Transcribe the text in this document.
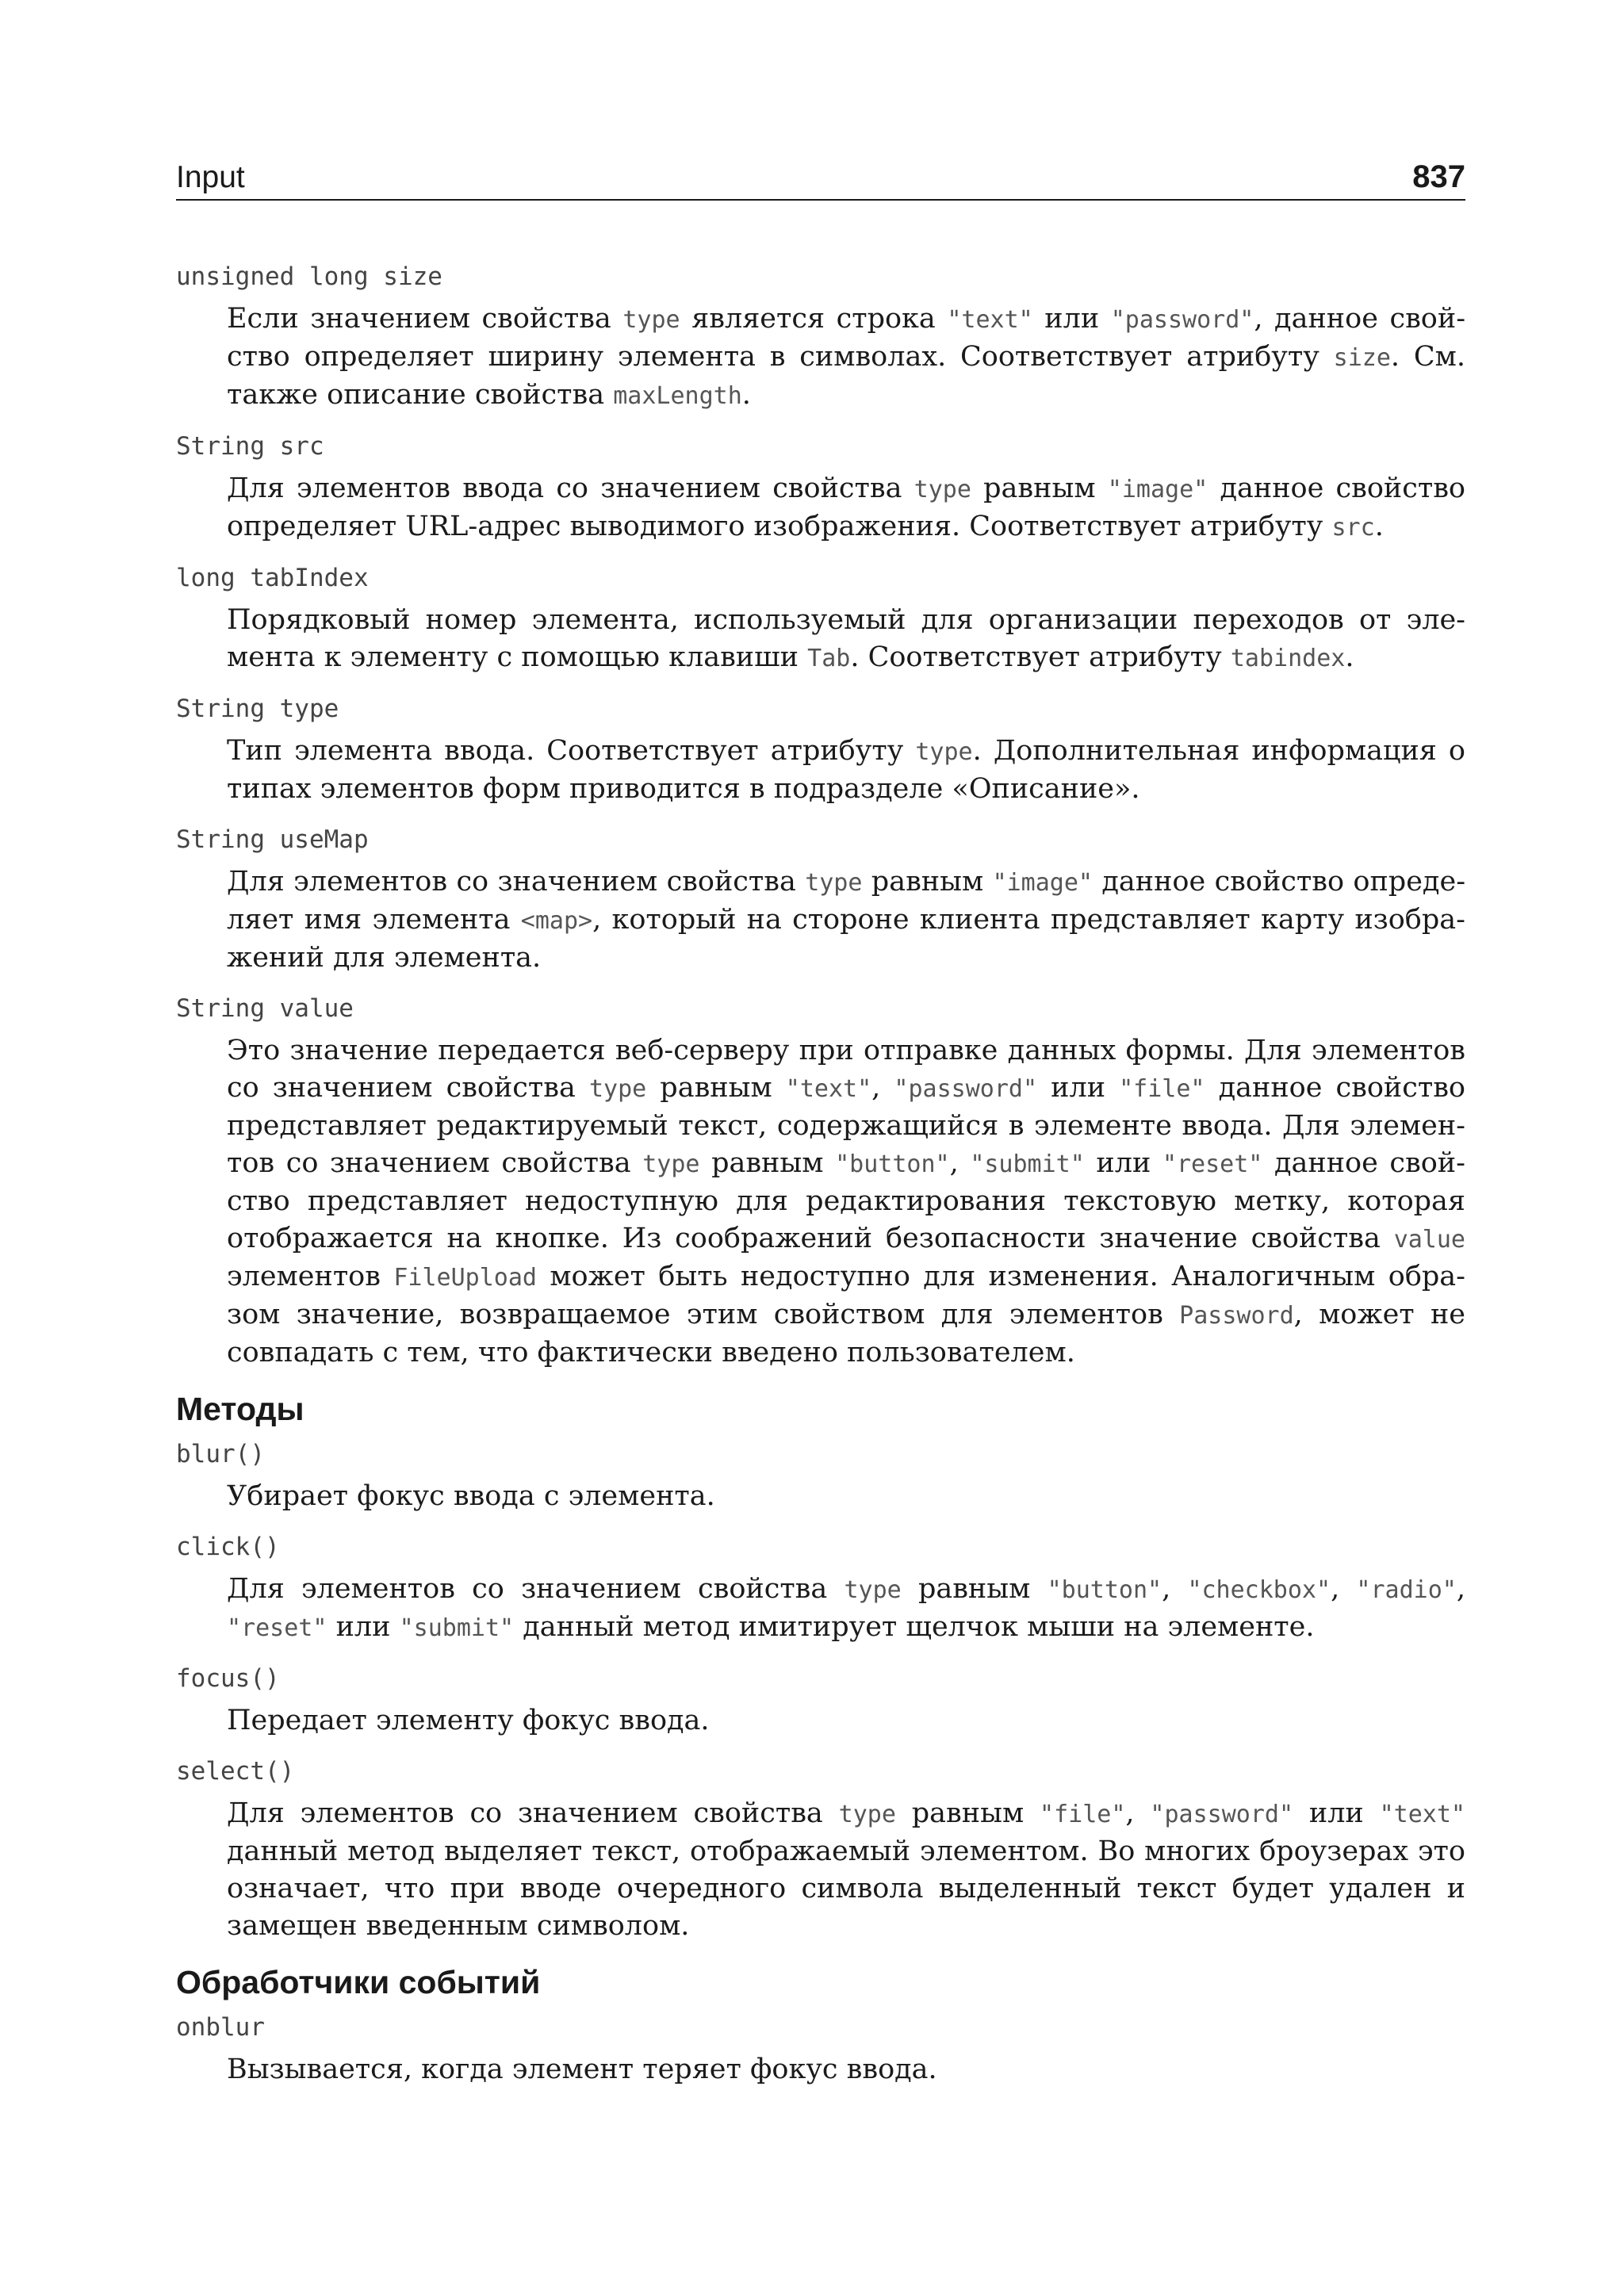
Input	837
unsigned long size

Если значением свойства type является строка "text" или "password", данное свойство определяет ширину элемента в символах. Соответствует атрибуту size. См. также описание свойства maxLength.

String src

Для элементов ввода со значением свойства type равным "image" данное свойство определяет URL-адрес выводимого изображения. Соответствует атрибуту src.

long tabIndex

Порядковый номер элемента, используемый для организации переходов от элемента к элементу с помощью клавиши Tab. Соответствует атрибуту tabindex.

String type

Тип элемента ввода. Соответствует атрибуту type. Дополнительная информация о типах элементов форм приводится в подразделе «Описание».

String useMap

Для элементов со значением свойства type равным "image" данное свойство определяет имя элемента <map>, который на стороне клиента представляет карту изображений для элемента.

String value

Это значение передается веб-серверу при отправке данных формы. Для элементов со значением свойства type равным "text", "password" или "file" данное свойство представляет редактируемый текст, содержащийся в элементе ввода. Для элементов со значением свойства type равным "button", "submit" или "reset" данное свойство представляет недоступную для редактирования текстовую метку, которая отображается на кнопке. Из соображений безопасности значение свойства value элементов FileUpload может быть недоступно для изменения. Аналогичным образом значение, возвращаемое этим свойством для элементов Password, может не совпадать с тем, что фактически введено пользователем.

Методы
blur()

Убирает фокус ввода с элемента.

click()

Для элементов со значением свойства type равным "button", "checkbox", "radio", "reset" или "submit" данный метод имитирует щелчок мыши на элементе.

focus()

Передает элементу фокус ввода.

select()

Для элементов со значением свойства type равным "file", "password" или "text" данный метод выделяет текст, отображаемый элементом. Во многих броузерах это означает, что при вводе очередного символа выделенный текст будет удален и замещен введенным символом.

Обработчики событий
onblur

Вызывается, когда элемент теряет фокус ввода.
